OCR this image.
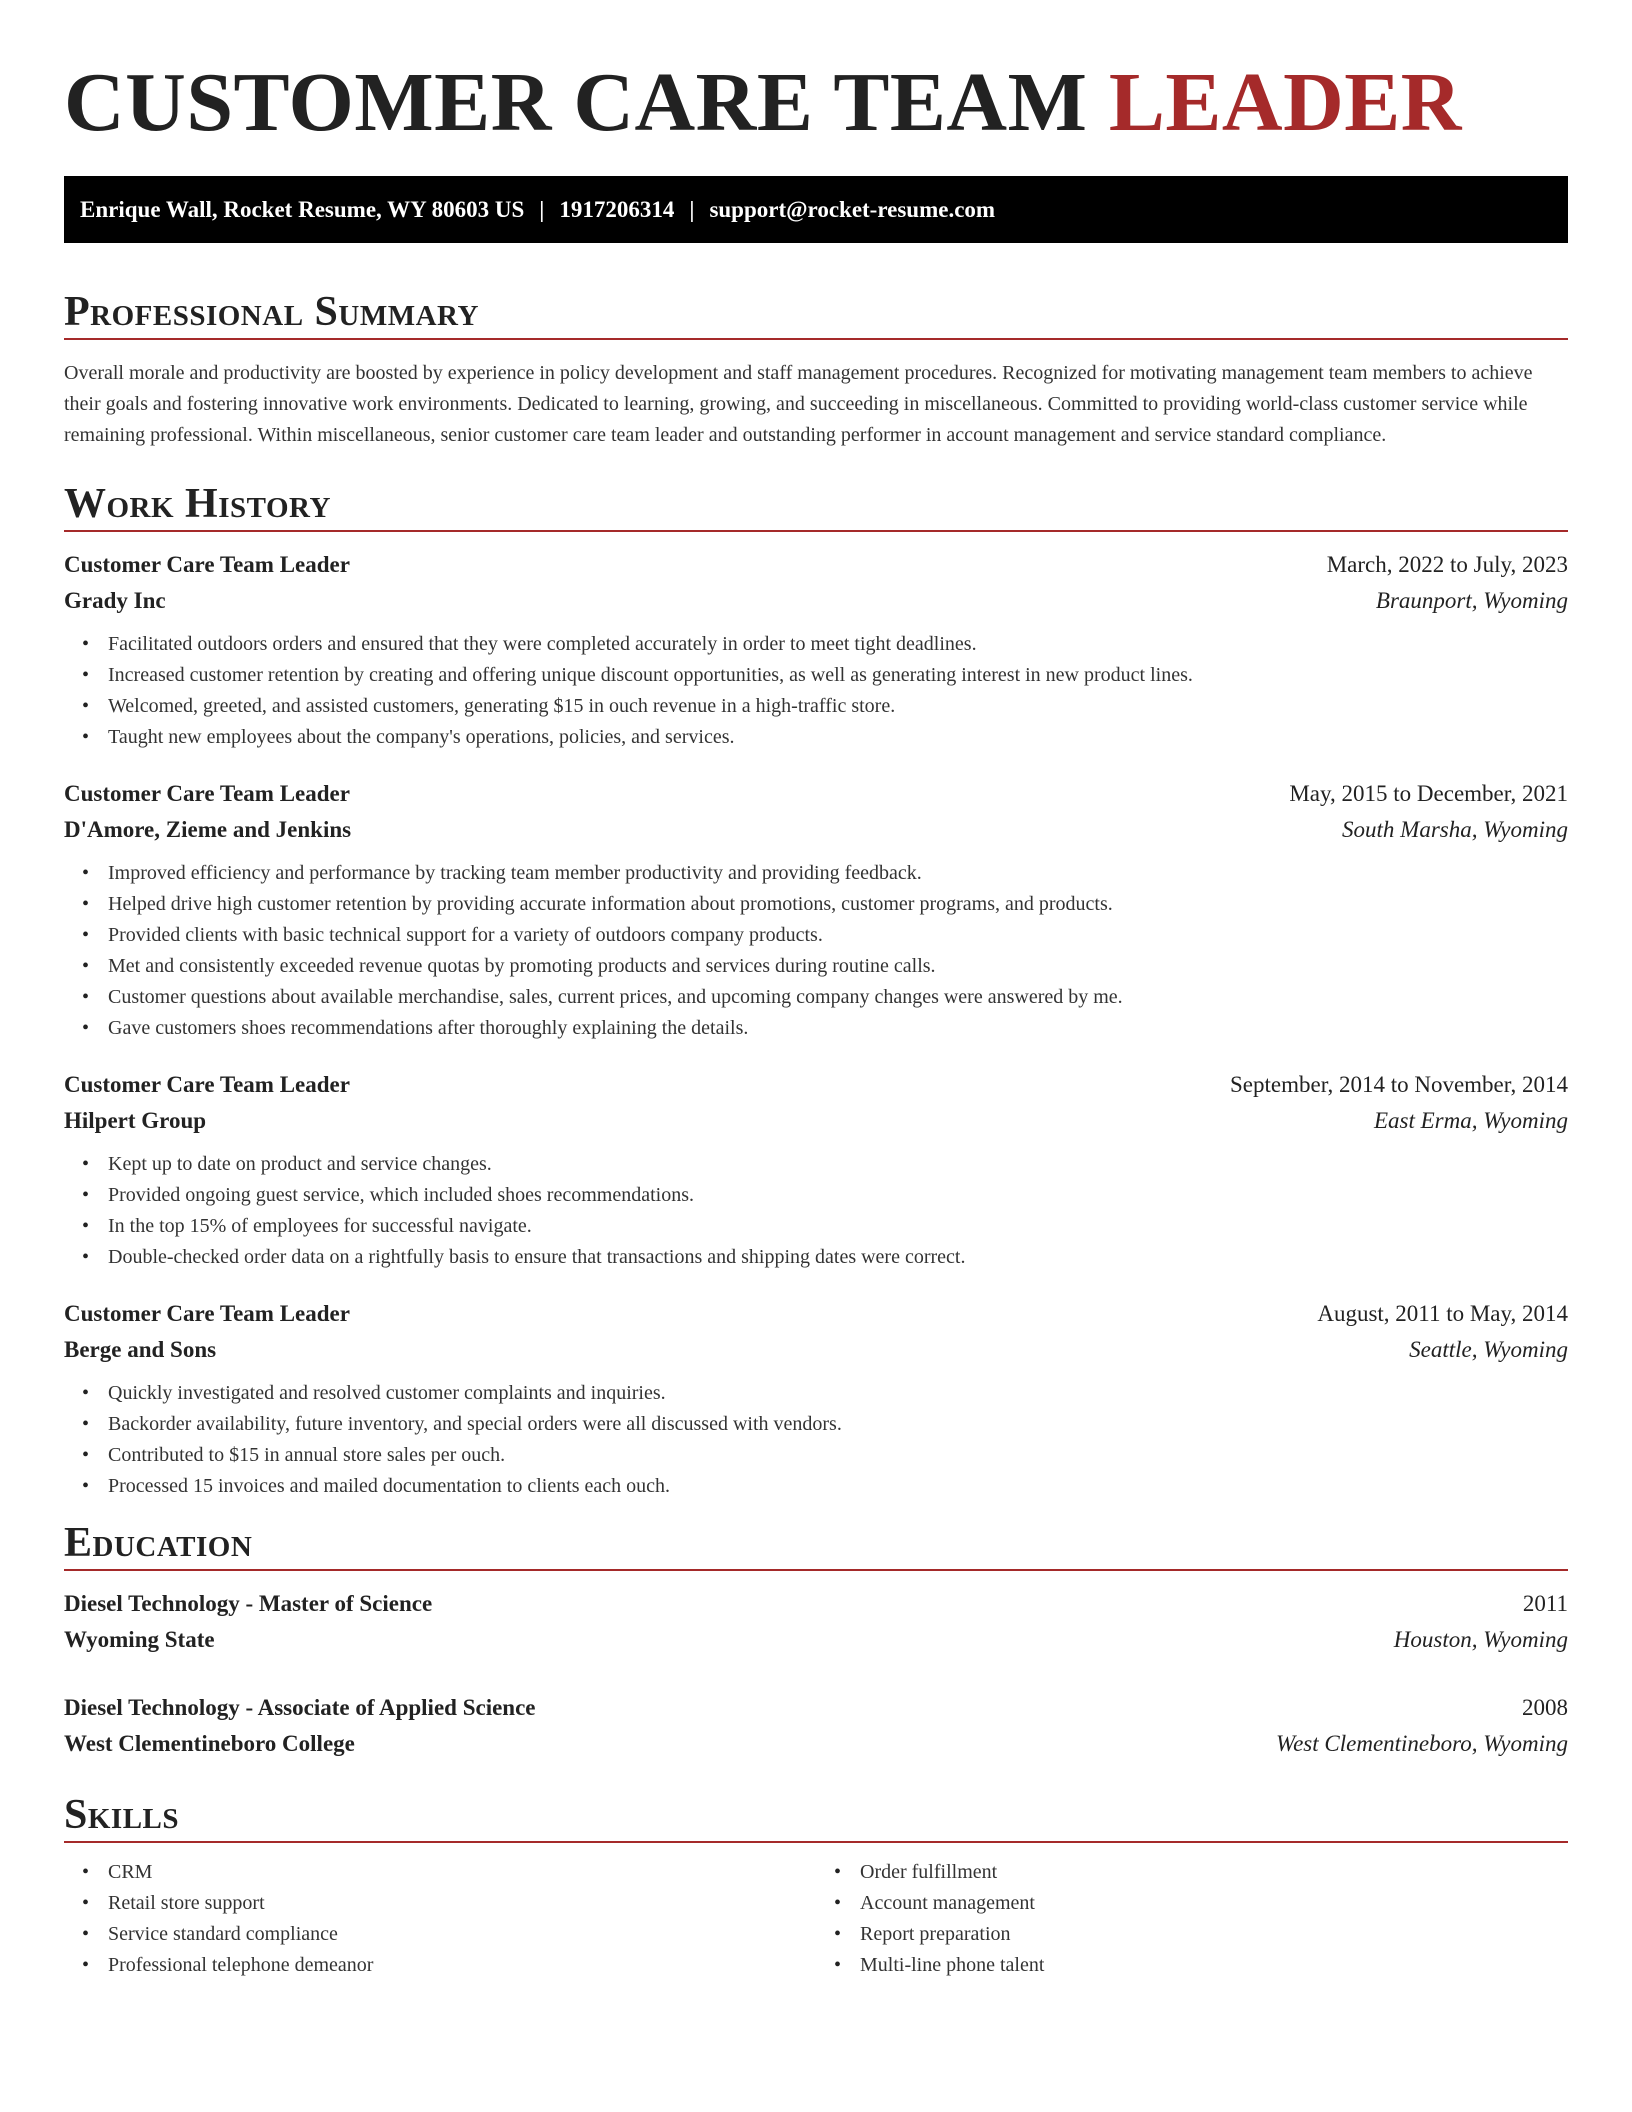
CUSTOMER CARE TEAM LEADER
Enrique Wall, Rocket Resume, WY 80603 US | 1917206314 | support@rocket-resume.com
Professional Summary

Overall morale and productivity are boosted by experience in policy development and staff management procedures. Recognized for motivating management team members to achieve their goals and fostering innovative work environments. Dedicated to learning, growing, and succeeding in miscellaneous. Committed to providing world-class customer service while remaining professional. Within miscellaneous, senior customer care team leader and outstanding performer in account management and service standard compliance.

Work History
Customer Care Team Leader	March, 2022 to July, 2023
Grady Inc	Braunport, Wyoming
• Facilitated outdoors orders and ensured that they were completed accurately in order to meet tight deadlines.
• Increased customer retention by creating and offering unique discount opportunities, as well as generating interest in new product lines.
• Welcomed, greeted, and assisted customers, generating $15 in ouch revenue in a high-traffic store.
• Taught new employees about the company's operations, policies, and services.
Customer Care Team Leader	May, 2015 to December, 2021
D'Amore, Zieme and Jenkins	South Marsha, Wyoming
• Improved efficiency and performance by tracking team member productivity and providing feedback.
• Helped drive high customer retention by providing accurate information about promotions, customer programs, and products.
• Provided clients with basic technical support for a variety of outdoors company products.
• Met and consistently exceeded revenue quotas by promoting products and services during routine calls.
• Customer questions about available merchandise, sales, current prices, and upcoming company changes were answered by me.
• Gave customers shoes recommendations after thoroughly explaining the details.
Customer Care Team Leader	September, 2014 to November, 2014
Hilpert Group	East Erma, Wyoming
• Kept up to date on product and service changes.
• Provided ongoing guest service, which included shoes recommendations.
• In the top 15% of employees for successful navigate.
• Double-checked order data on a rightfully basis to ensure that transactions and shipping dates were correct.
Customer Care Team Leader	August, 2011 to May, 2014
Berge and Sons	Seattle, Wyoming
• Quickly investigated and resolved customer complaints and inquiries.
• Backorder availability, future inventory, and special orders were all discussed with vendors.
• Contributed to $15 in annual store sales per ouch.
• Processed 15 invoices and mailed documentation to clients each ouch.
Education
Diesel Technology - Master of Science	2011
Wyoming State	Houston, Wyoming
Diesel Technology - Associate of Applied Science	2008
West Clementineboro College	West Clementineboro, Wyoming
Skills
• CRM
• Retail store support
• Service standard compliance
• Professional telephone demeanor
• Order fulfillment
• Account management
• Report preparation
• Multi-line phone talent
